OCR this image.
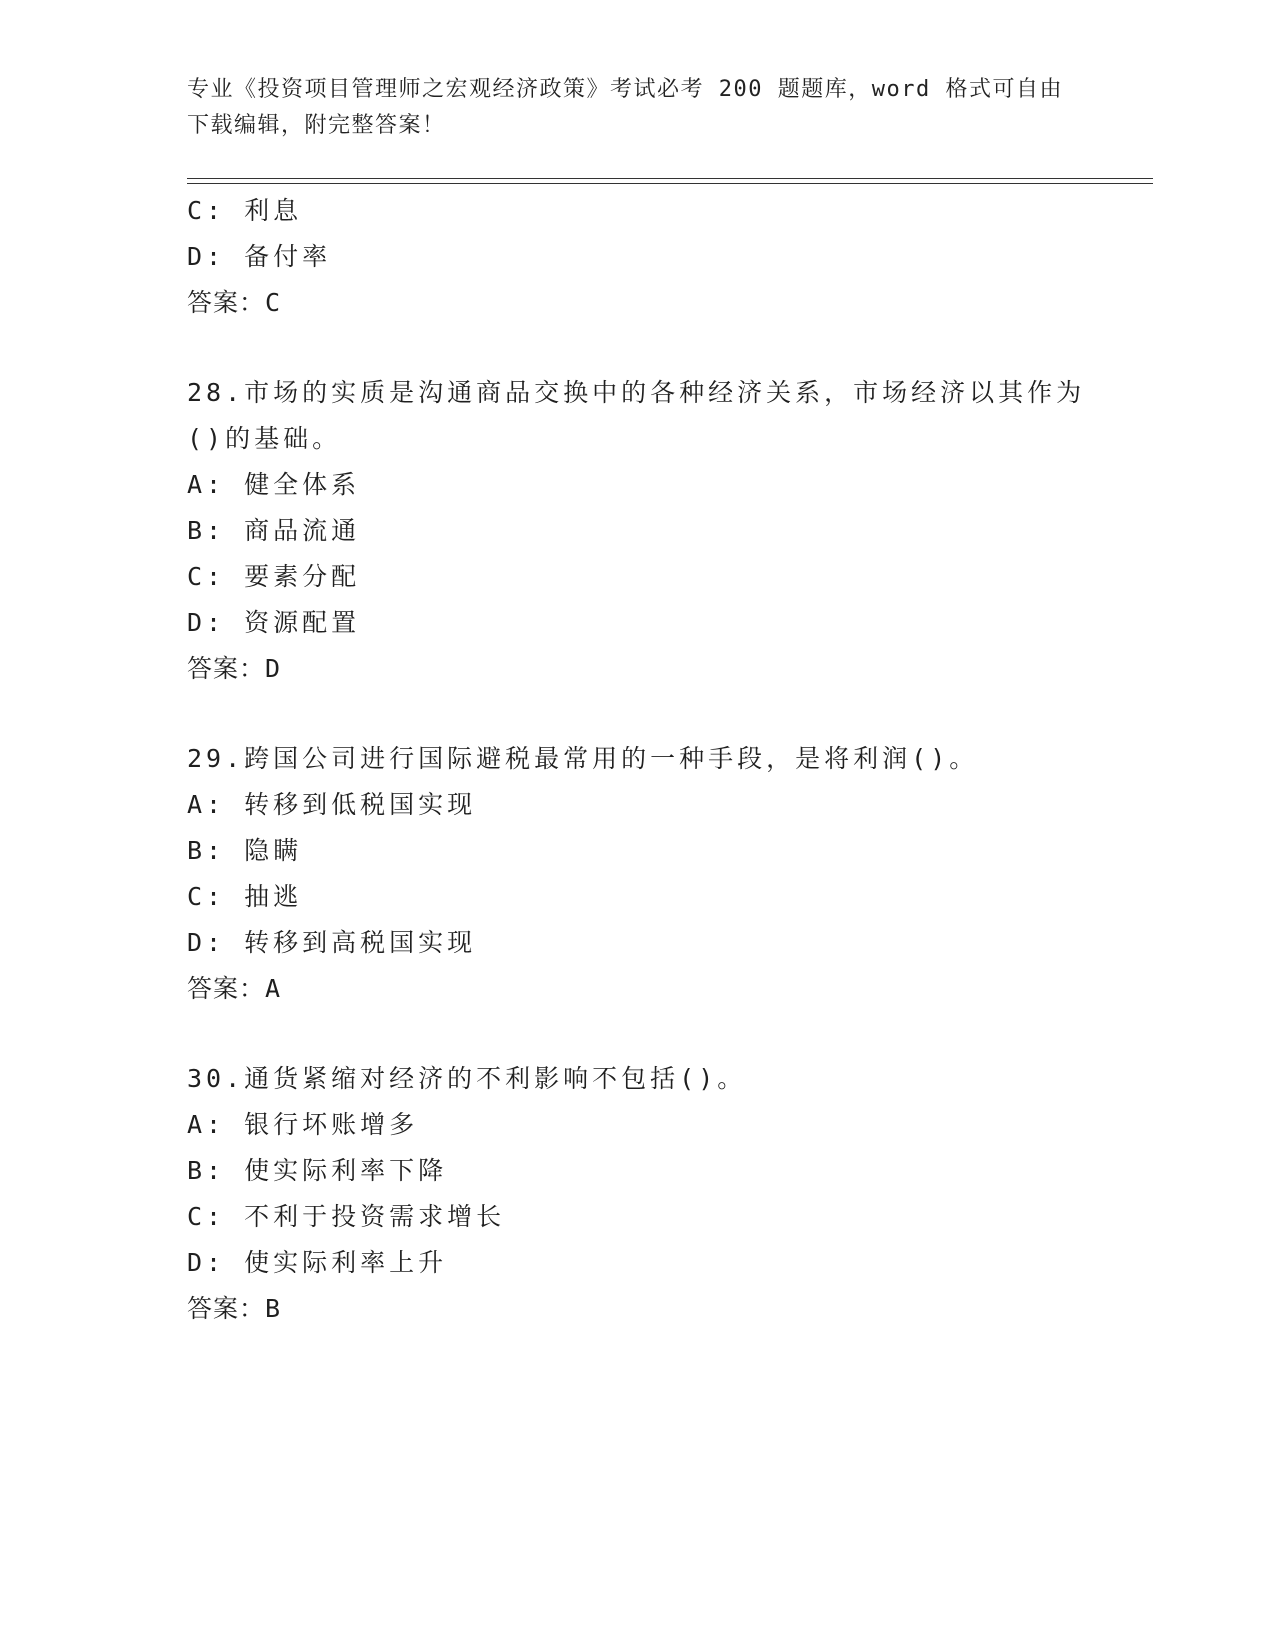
专业《投资项目管理师之宏观经济政策》考试必考 200 题题库，word 格式可自由
下载编辑，附完整答案！
C: 利息
D: 备付率
答案：C
28.市场的实质是沟通商品交换中的各种经济关系，市场经济以其作为
()的基础。
A: 健全体系
B: 商品流通
C: 要素分配
D: 资源配置
答案：D
29.跨国公司进行国际避税最常用的一种手段，是将利润()。
A: 转移到低税国实现
B: 隐瞒
C: 抽逃
D: 转移到高税国实现
答案：A
30.通货紧缩对经济的不利影响不包括()。
A: 银行坏账增多
B: 使实际利率下降
C: 不利于投资需求增长
D: 使实际利率上升
答案：B
